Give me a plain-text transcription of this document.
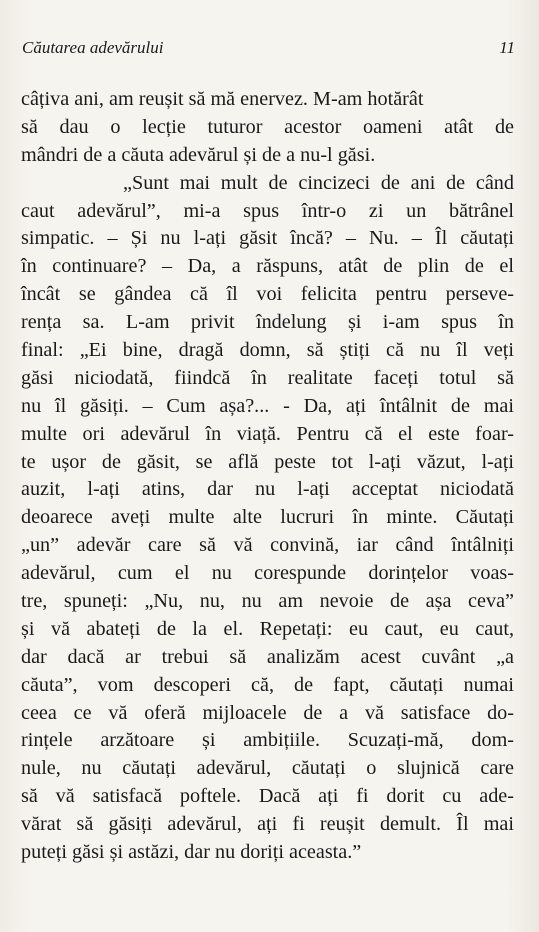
Căutarea adevărului	11
câțiva ani, am reușit să mă enervez. M-am hotărât
să dau o lecție tuturor acestor oameni atât de
mândri de a căuta adevărul și de a nu-l găsi.
„Sunt mai mult de cincizeci de ani de când
caut adevărul”, mi-a spus într-o zi un bătrânel
simpatic. – Și nu l-ați găsit încă? – Nu. – Îl căutați
în continuare? – Da, a răspuns, atât de plin de el
încât se gândea că îl voi felicita pentru perseve-
rența sa. L-am privit îndelung și i-am spus în
final: „Ei bine, dragă domn, să știți că nu îl veți
găsi niciodată, fiindcă în realitate faceți totul să
nu îl găsiți. – Cum așa?... - Da, ați întâlnit de mai
multe ori adevărul în viață. Pentru că el este foar-
te ușor de găsit, se află peste tot l-ați văzut, l-ați
auzit, l-ați atins, dar nu l-ați acceptat niciodată
deoarece aveți multe alte lucruri în minte. Căutați
„un” adevăr care să vă convină, iar când întâlniți
adevărul, cum el nu corespunde dorințelor voas-
tre, spuneți: „Nu, nu, nu am nevoie de așa ceva”
și vă abateți de la el. Repetați: eu caut, eu caut,
dar dacă ar trebui să analizăm acest cuvânt „a
căuta”, vom descoperi că, de fapt, căutați numai
ceea ce vă oferă mijloacele de a vă satisface do-
rințele arzătoare și ambițiile. Scuzați-mă, dom-
nule, nu căutați adevărul, căutați o slujnică care
să vă satisfacă poftele. Dacă ați fi dorit cu ade-
vărat să găsiți adevărul, ați fi reușit demult. Îl mai
puteți găsi și astăzi, dar nu doriți aceasta.”
